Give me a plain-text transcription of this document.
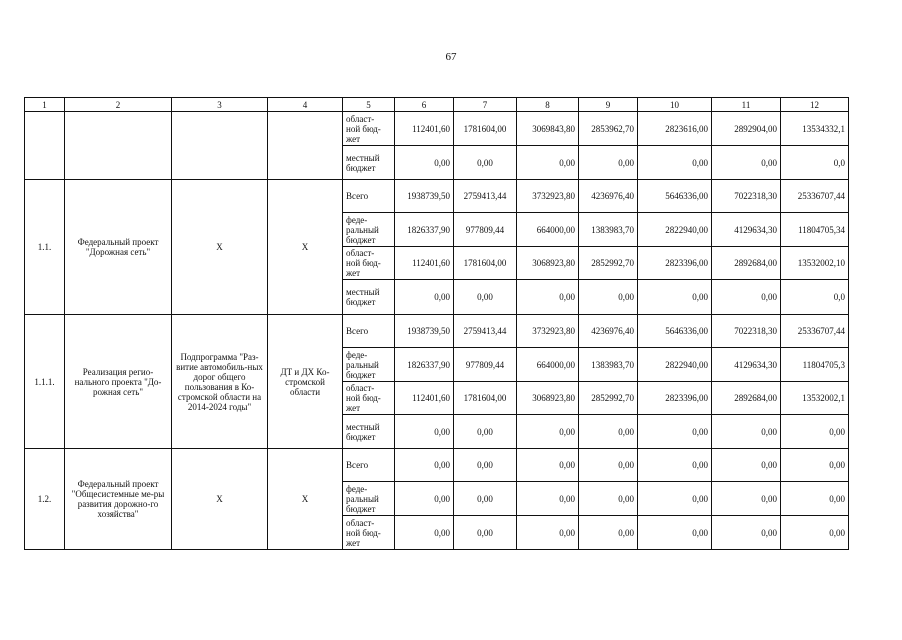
67
1	2	3	4	5	6	7	8	9	10	11	12

				област-
ной бюд-
жет	112401,60	1781604,00	3069843,80	2853962,70	2823616,00	2892904,00	13534332,1

				местный
бюджет	0,00	0,00	0,00	0,00	0,00	0,00	0,0
1.1.	Федеральный проект "Дорожная сеть"	X	X	Всего	1938739,50	2759413,44	3732923,80	4236976,40	5646336,00	7022318,30	25336707,44

				феде-
ральный
бюджет	1826337,90	977809,44	664000,00	1383983,70	2822940,00	4129634,30	11804705,34

				област-
ной бюд-
жет	112401,60	1781604,00	3068923,80	2852992,70	2823396,00	2892684,00	13532002,10

				местный
бюджет	0,00	0,00	0,00	0,00	0,00	0,00	0,0
1.1.1.	Реализация регио-нального проекта "До-рожная сеть"	Подпрограмма "Раз-витие автомобиль-ных дорог общего пользования в Ко-стромской области на 2014-2024 годы"	ДТ и ДХ Ко-стромской области	Всего	1938739,50	2759413,44	3732923,80	4236976,40	5646336,00	7022318,30	25336707,44

				феде-
ральный
бюджет	1826337,90	977809,44	664000,00	1383983,70	2822940,00	4129634,30	11804705,3

				област-
ной бюд-
жет	112401,60	1781604,00	3068923,80	2852992,70	2823396,00	2892684,00	13532002,1

				местный
бюджет	0,00	0,00	0,00	0,00	0,00	0,00	0,00
1.2.	Федеральный проект "Общесистемные ме-ры развития дорожно-го хозяйства"	X	X	Всего	0,00	0,00	0,00	0,00	0,00	0,00	0,00

				феде-
ральный
бюджет	0,00	0,00	0,00	0,00	0,00	0,00	0,00

				област-
ной бюд-
жет	0,00	0,00	0,00	0,00	0,00	0,00	0,00
